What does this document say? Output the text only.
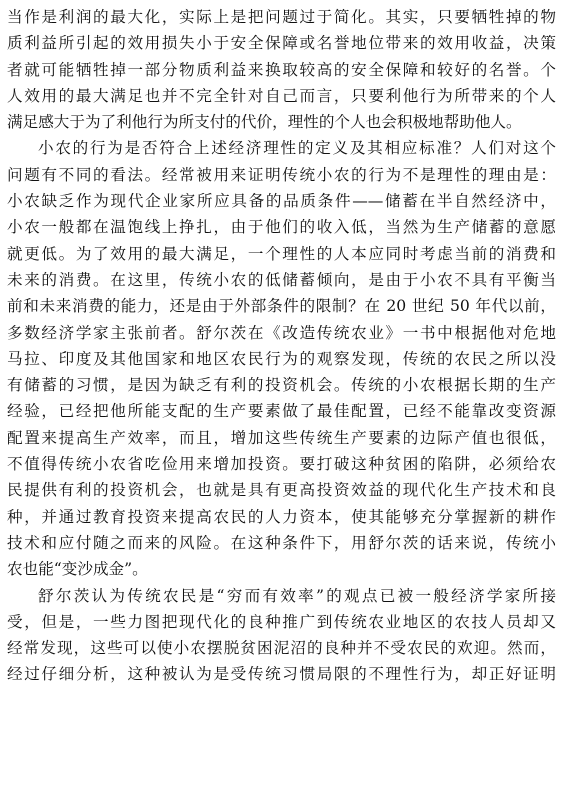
当作是利润的最大化，实际上是把问题过于简化。其实，只要牺牲掉的物
质利益所引起的效用损失小于安全保障或名誉地位带来的效用收益，决策
者就可能牺牲掉一部分物质利益来换取较高的安全保障和较好的名誉。个
人效用的最大满足也并不完全针对自己而言，只要利他行为所带来的个人
满足感大于为了利他行为所支付的代价，理性的个人也会积极地帮助他人。
小农的行为是否符合上述经济理性的定义及其相应标准？人们对这个
问题有不同的看法。经常被用来证明传统小农的行为不是理性的理由是：
小农缺乏作为现代企业家所应具备的品质条件——储蓄在半自然经济中，
小农一般都在温饱线上挣扎，由于他们的收入低，当然为生产储蓄的意愿
就更低。为了效用的最大满足，一个理性的人本应同时考虑当前的消费和
未来的消费。在这里，传统小农的低储蓄倾向，是由于小农不具有平衡当
前和未来消费的能力，还是由于外部条件的限制？在 20 世纪 50 年代以前，
多数经济学家主张前者。舒尔茨在《改造传统农业》一书中根据他对危地
马拉、印度及其他国家和地区农民行为的观察发现，传统的农民之所以没
有储蓄的习惯，是因为缺乏有利的投资机会。传统的小农根据长期的生产
经验，已经把他所能支配的生产要素做了最佳配置，已经不能靠改变资源
配置来提高生产效率，而且，增加这些传统生产要素的边际产值也很低，
不值得传统小农省吃俭用来增加投资。要打破这种贫困的陷阱，必须给农
民提供有利的投资机会，也就是具有更高投资效益的现代化生产技术和良
种，并通过教育投资来提高农民的人力资本，使其能够充分掌握新的耕作
技术和应付随之而来的风险。在这种条件下，用舒尔茨的话来说，传统小
农也能“变沙成金”。
舒尔茨认为传统农民是“穷而有效率”的观点已被一般经济学家所接
受，但是，一些力图把现代化的良种推广到传统农业地区的农技人员却又
经常发现，这些可以使小农摆脱贫困泥沼的良种并不受农民的欢迎。然而，
经过仔细分析，这种被认为是受传统习惯局限的不理性行为，却正好证明
